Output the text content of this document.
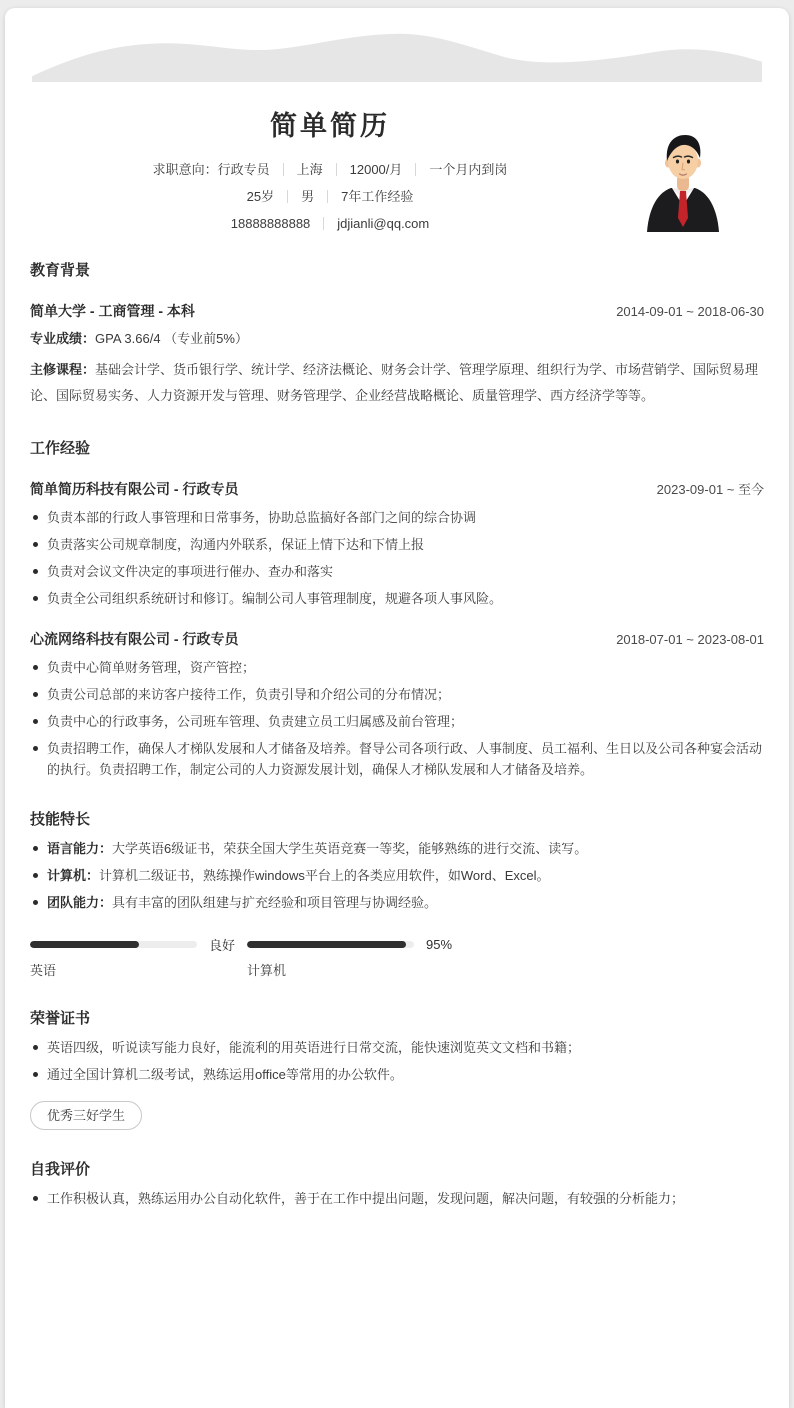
简单简历
求职意向：行政专员 上海 12000/月 一个月内到岗
25岁 男 7年工作经验
18888888888 jdjianli@qq.com
教育背景
简单大学 - 工商管理 - 本科	2014-09-01 ~ 2018-06-30

专业成绩：GPA 3.66/4 （专业前5%）

主修课程：基础会计学、货币银行学、统计学、经济法概论、财务会计学、管理学原理、组织行为学、市场营销学、国际贸易理论、国际贸易实务、人力资源开发与管理、财务管理学、企业经营战略概论、质量管理学、西方经济学等等。

工作经验
简单简历科技有限公司 - 行政专员	2023-09-01 ~ 至今
负责本部的行政人事管理和日常事务，协助总监搞好各部门之间的综合协调
负责落实公司规章制度，沟通内外联系，保证上情下达和下情上报
负责对会议文件决定的事项进行催办、查办和落实
负责全公司组织系统研讨和修订。编制公司人事管理制度，规避各项人事风险。
心流网络科技有限公司 - 行政专员	2018-07-01 ~ 2023-08-01
负责中心简单财务管理，资产管控；
负责公司总部的来访客户接待工作，负责引导和介绍公司的分布情况；
负责中心的行政事务，公司班车管理、负责建立员工归属感及前台管理；
负责招聘工作，确保人才梯队发展和人才储备及培养。督导公司各项行政、人事制度、员工福利、生日以及公司各种宴会活动的执行。负责招聘工作，制定公司的人力资源发展计划，确保人才梯队发展和人才储备及培养。
技能特长
语言能力：大学英语6级证书，荣获全国大学生英语竞赛一等奖，能够熟练的进行交流、读写。
计算机：计算机二级证书，熟练操作windows平台上的各类应用软件，如Word、Excel。
团队能力：具有丰富的团队组建与扩充经验和项目管理与协调经验。
良好
英语
95%
计算机
荣誉证书
英语四级，听说读写能力良好，能流利的用英语进行日常交流，能快速浏览英文文档和书籍；
通过全国计算机二级考试，熟练运用office等常用的办公软件。
优秀三好学生
自我评价
工作积极认真，熟练运用办公自动化软件，善于在工作中提出问题，发现问题，解决问题，有较强的分析能力；
